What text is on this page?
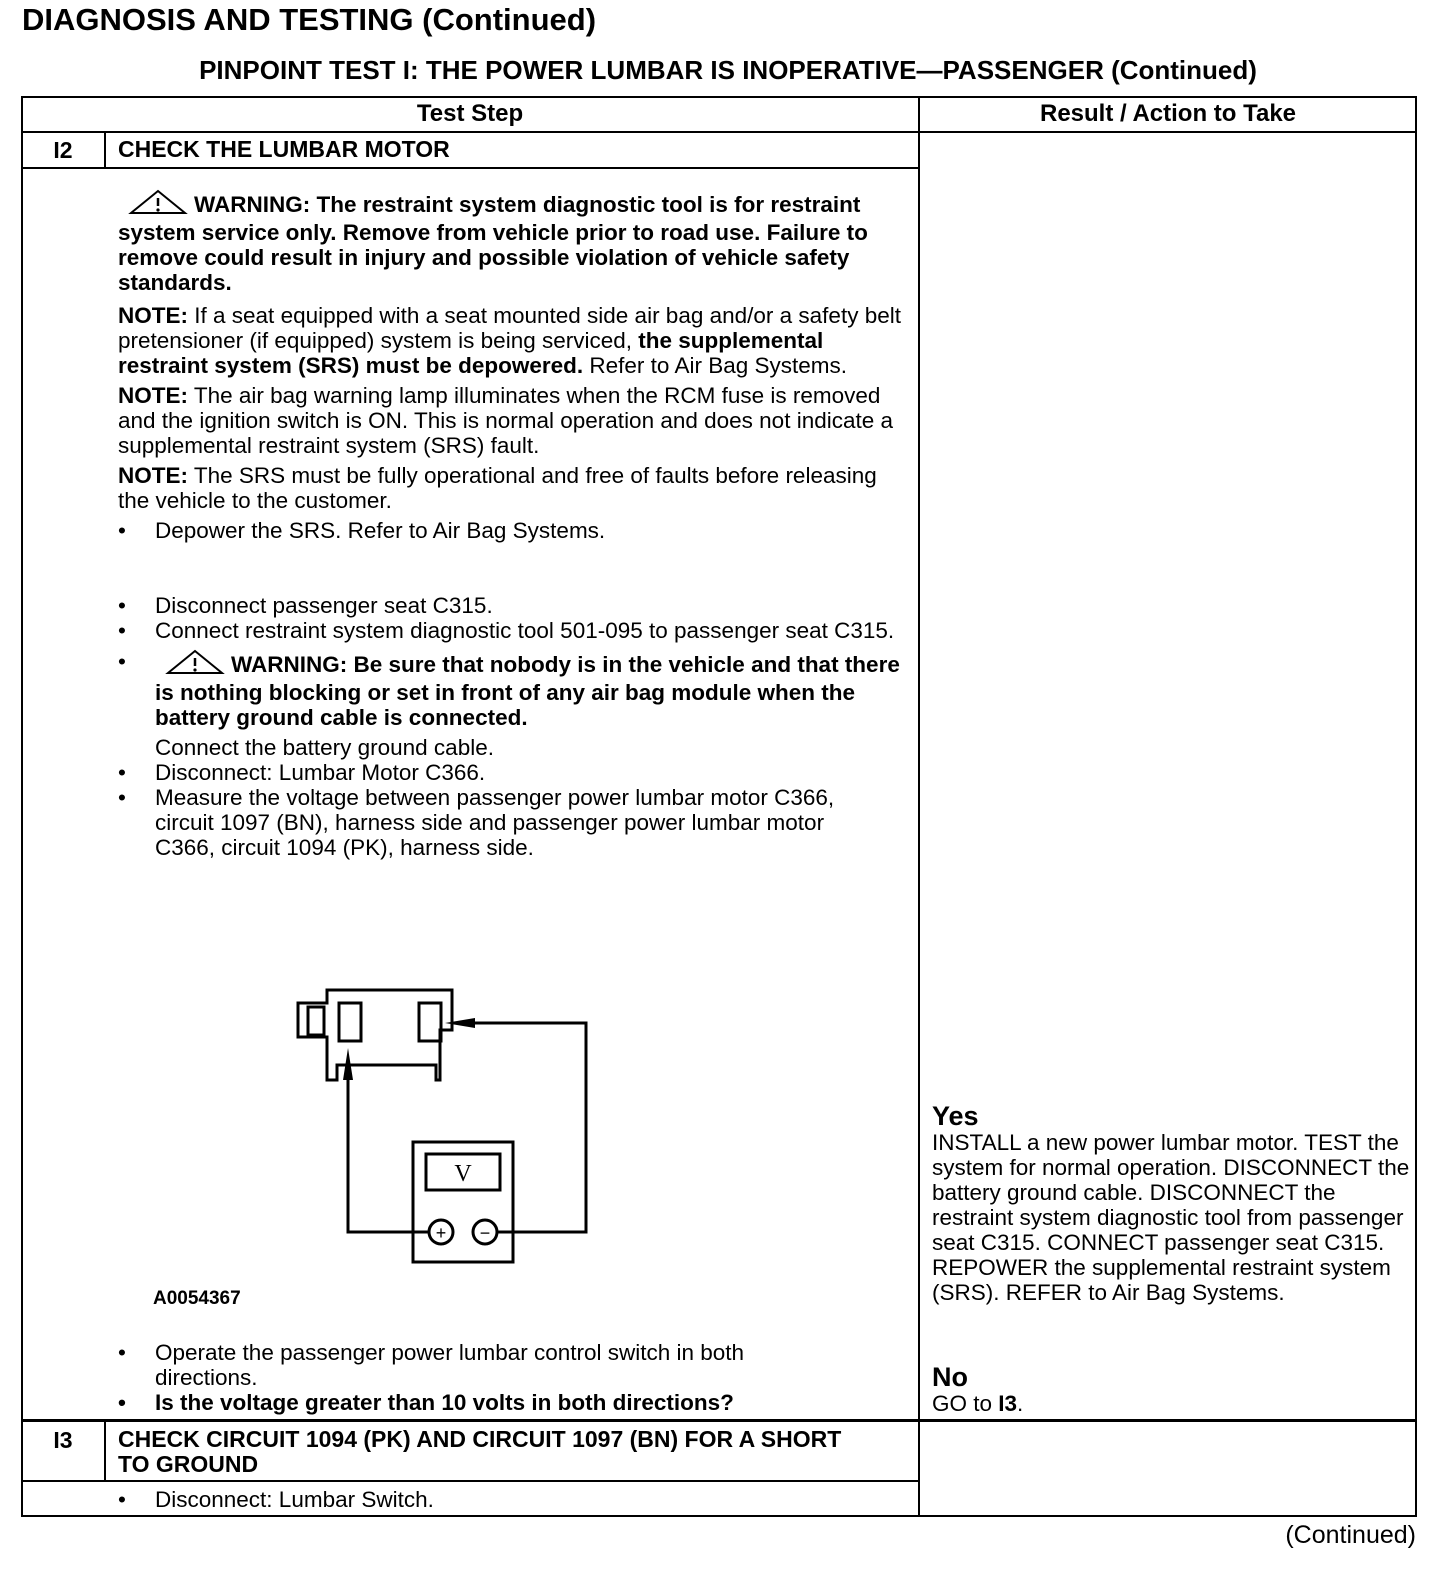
DIAGNOSIS AND TESTING (Continued)
PINPOINT TEST I: THE POWER LUMBAR IS INOPERATIVE—PASSENGER (Continued)
Test Step	Result / Action to Take
I2	CHECK THE LUMBAR MOTOR

WARNING: The restraint system diagnostic tool is for restraint system service only. Remove from vehicle prior to road use. Failure to remove could result in injury and possible violation of vehicle safety standards.

NOTE: If a seat equipped with a seat mounted side air bag and/or a safety belt pretensioner (if equipped) system is being serviced, the supplemental restraint system (SRS) must be depowered. Refer to Air Bag Systems.

NOTE: The air bag warning lamp illuminates when the RCM fuse is removed and the ignition switch is ON. This is normal operation and does not indicate a supplemental restraint system (SRS) fault.

NOTE: The SRS must be fully operational and free of faults before releasing the vehicle to the customer.

• Depower the SRS. Refer to Air Bag Systems.
• Disconnect passenger seat C315.
• Connect restraint system diagnostic tool 501-095 to passenger seat C315.
•	WARNING: Be sure that nobody is in the vehicle and that there is nothing blocking or set in front of any air bag module when the battery ground cable is connected.
Connect the battery ground cable.
• Disconnect: Lumbar Motor C366.
• Measure the voltage between passenger power lumbar motor C366, circuit 1097 (BN), harness side and passenger power lumbar motor C366, circuit 1094 (PK), harness side.
V
+ −
A0054367
• Operate the passenger power lumbar control switch in both directions.
• Is the voltage greater than 10 volts in both directions?
Yes
INSTALL a new power lumbar motor. TEST the system for normal operation. DISCONNECT the battery ground cable. DISCONNECT the restraint system diagnostic tool from passenger seat C315. CONNECT passenger seat C315. REPOWER the supplemental restraint system (SRS). REFER to Air Bag Systems.
No
GO to I3.
I3	CHECK CIRCUIT 1094 (PK) AND CIRCUIT 1097 (BN) FOR A SHORT TO GROUND
• Disconnect: Lumbar Switch.
(Continued)
